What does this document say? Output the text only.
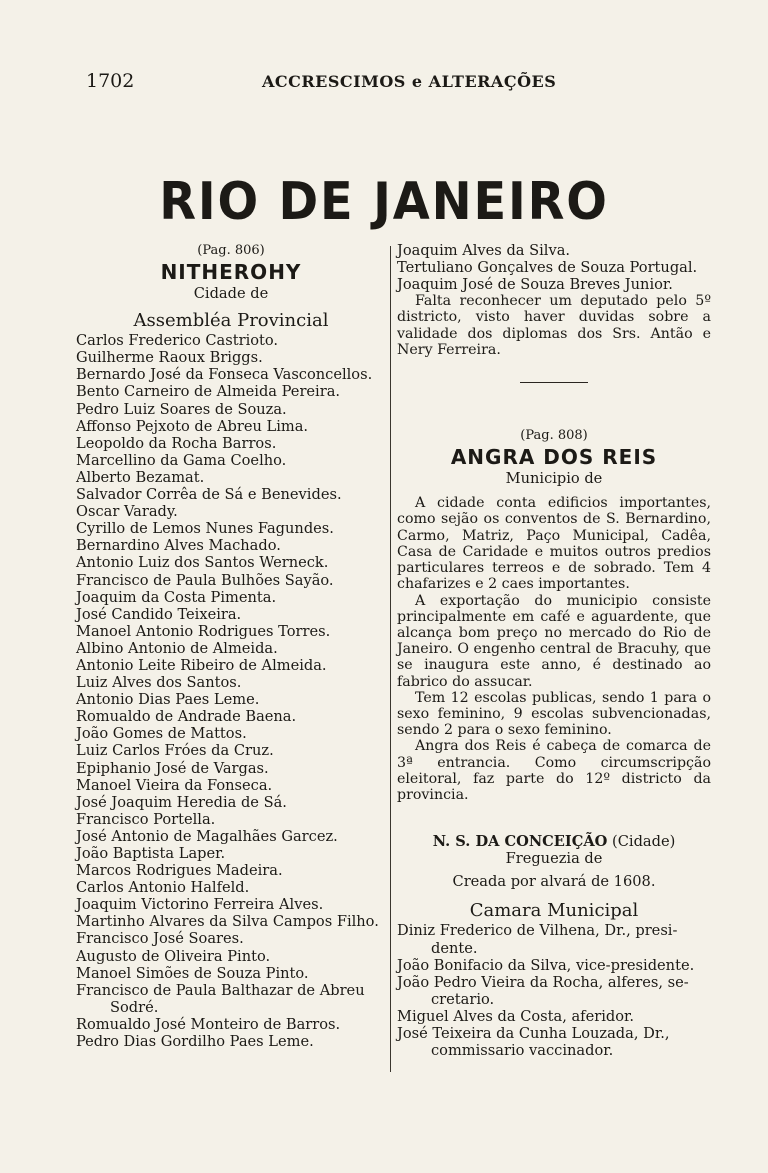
1702	ACCRESCIMOS e ALTERAÇÕES
RIO DE JANEIRO
(Pag. 806)
NITHEROHY
Cidade de
Assembléa Provincial
Carlos Frederico Castrioto.
Guilherme Raoux Briggs.
Bernardo José da Fonseca Vasconcellos.
Bento Carneiro de Almeida Pereira.
Pedro Luiz Soares de Souza.
Affonso Pejxoto de Abreu Lima.
Leopoldo da Rocha Barros.
Marcellino da Gama Coelho.
Alberto Bezamat.
Salvador Corrêa de Sá e Benevides.
Oscar Varady.
Cyrillo de Lemos Nunes Fagundes.
Bernardino Alves Machado.
Antonio Luiz dos Santos Werneck.
Francisco de Paula Bulhões Sayão.
Joaquim da Costa Pimenta.
José Candido Teixeira.
Manoel Antonio Rodrigues Torres.
Albino Antonio de Almeida.
Antonio Leite Ribeiro de Almeida.
Luiz Alves dos Santos.
Antonio Dias Paes Leme.
Romualdo de Andrade Baena.
João Gomes de Mattos.
Luiz Carlos Fróes da Cruz.
Epiphanio José de Vargas.
Manoel Vieira da Fonseca.
José Joaquim Heredia de Sá.
Francisco Portella.
José Antonio de Magalhães Garcez.
João Baptista Laper.
Marcos Rodrigues Madeira.
Carlos Antonio Halfeld.
Joaquim Victorino Ferreira Alves.
Martinho Alvares da Silva Campos Filho.
Francisco José Soares.
Augusto de Oliveira Pinto.
Manoel Simões de Souza Pinto.
Francisco de Paula Balthazar de Abreu
Sodré.
Romualdo José Monteiro de Barros.
Pedro Dias Gordilho Paes Leme.
Joaquim Alves da Silva.
Tertuliano Gonçalves de Souza Portugal.
Joaquim José de Souza Breves Junior.
Falta reconhecer um deputado pelo 5º districto, visto haver duvidas sobre a validade dos diplomas dos Srs. Antão e Nery Ferreira.
(Pag. 808)
ANGRA DOS REIS
Municipio de
A cidade conta edificios importantes, como sejão os conventos de S. Bernardino, Carmo, Matriz, Paço Municipal, Cadêa, Casa de Caridade e muitos outros predios particulares terreos e de sobrado. Tem 4 chafarizes e 2 caes importantes.
A exportação do municipio consiste principalmente em café e aguardente, que alcança bom preço no mercado do Rio de Janeiro. O engenho central de Bracuhy, que se inaugura este anno, é destinado ao fabrico do assucar.
Tem 12 escolas publicas, sendo 1 para o sexo feminino, 9 escolas subvencionadas, sendo 2 para o sexo feminino.
Angra dos Reis é cabeça de comarca de 3ª entrancia. Como circumscripção eleitoral, faz parte do 12º districto da provincia.
N. S. DA CONCEIÇÃO (Cidade)
Freguezia de
Creada por alvará de 1608.
Camara Municipal
Diniz Frederico de Vilhena, Dr., presi-
dente.
João Bonifacio da Silva, vice-presidente.
João Pedro Vieira da Rocha, alferes, se-
cretario.
Miguel Alves da Costa, aferidor.
José Teixeira da Cunha Louzada, Dr.,
commissario vaccinador.
